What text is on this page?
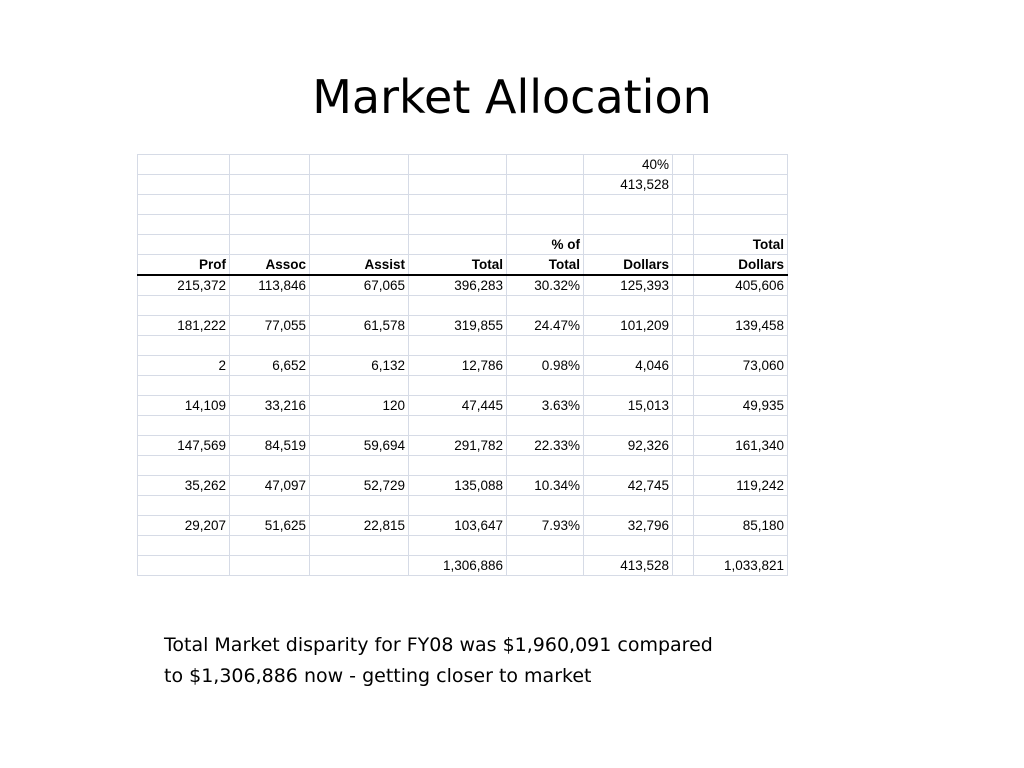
Market Allocation
					40%		
					413,528		

				% of			Total
Prof	Assoc	Assist	Total	Total	Dollars		Dollars
215,372	113,846	67,065	396,283	30.32%	125,393		405,606

181,222	77,055	61,578	319,855	24.47%	101,209		139,458

2	6,652	6,132	12,786	0.98%	4,046		73,060

14,109	33,216	120	47,445	3.63%	15,013		49,935

147,569	84,519	59,694	291,782	22.33%	92,326		161,340

35,262	47,097	52,729	135,088	10.34%	42,745		119,242

29,207	51,625	22,815	103,647	7.93%	32,796		85,180

			1,306,886		413,528		1,033,821

Total Market disparity for FY08 was $1,960,091 compared

to $1,306,886 now - getting closer to market
